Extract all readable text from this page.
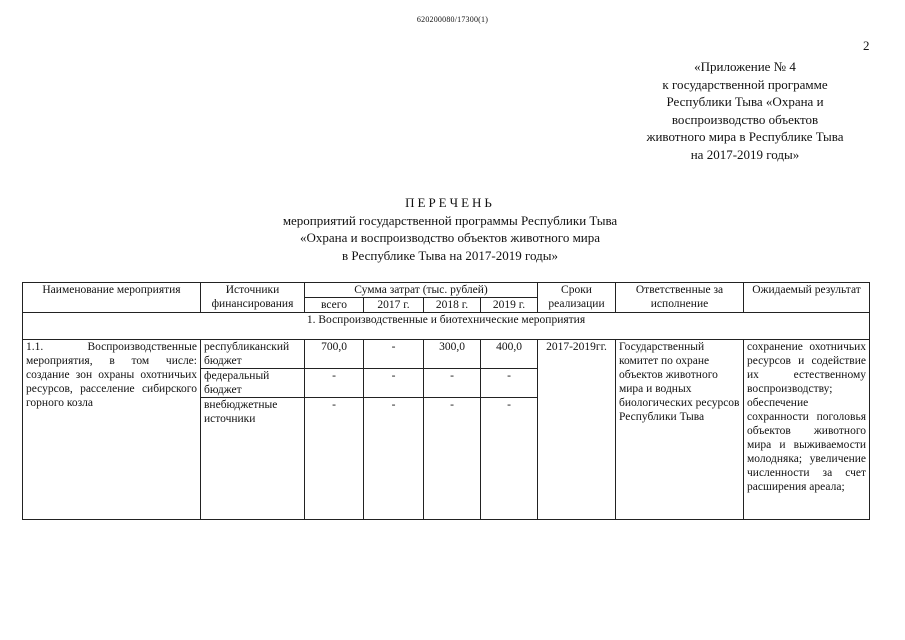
620200080/17300(1)
2
«Приложение № 4
к государственной программе
Республики Тыва «Охрана и
воспроизводство объектов
животного мира в Республике Тыва
на 2017-2019 годы»
ПЕРЕЧЕНЬ
мероприятий государственной программы Республики Тыва
«Охрана и воспроизводство объектов животного мира
в Республике Тыва на 2017-2019 годы»
Наименование мероприятия	Источники финансирования	Сумма затрат (тыс. рублей)				Сроки реализации	Ответственные за исполнение	Ожидаемый результат
		всего	2017 г.	2018 г.	2019 г.			
1. Воспроизводственные и биотехнические мероприятия								
1.1. Воспроизводственные мероприятия, в том числе: создание зон охраны охотничьих ресурсов, расселение сибирского горного козла	республиканский бюджет	700,0	-	300,0	400,0	2017-2019гг.	Государственный комитет по охране объектов животного мира и водных биологических ресурсов Республики Тыва	сохранение охотничьих ресурсов и содействие их естественному воспроизводству; обеспечение сохранности поголовья объектов животного мира и выживаемости молодняка; увеличение численности за счет расширения ареала;
	федеральный бюджет	-	-	-	-			
	внебюджетные источники	-	-	-	-			
